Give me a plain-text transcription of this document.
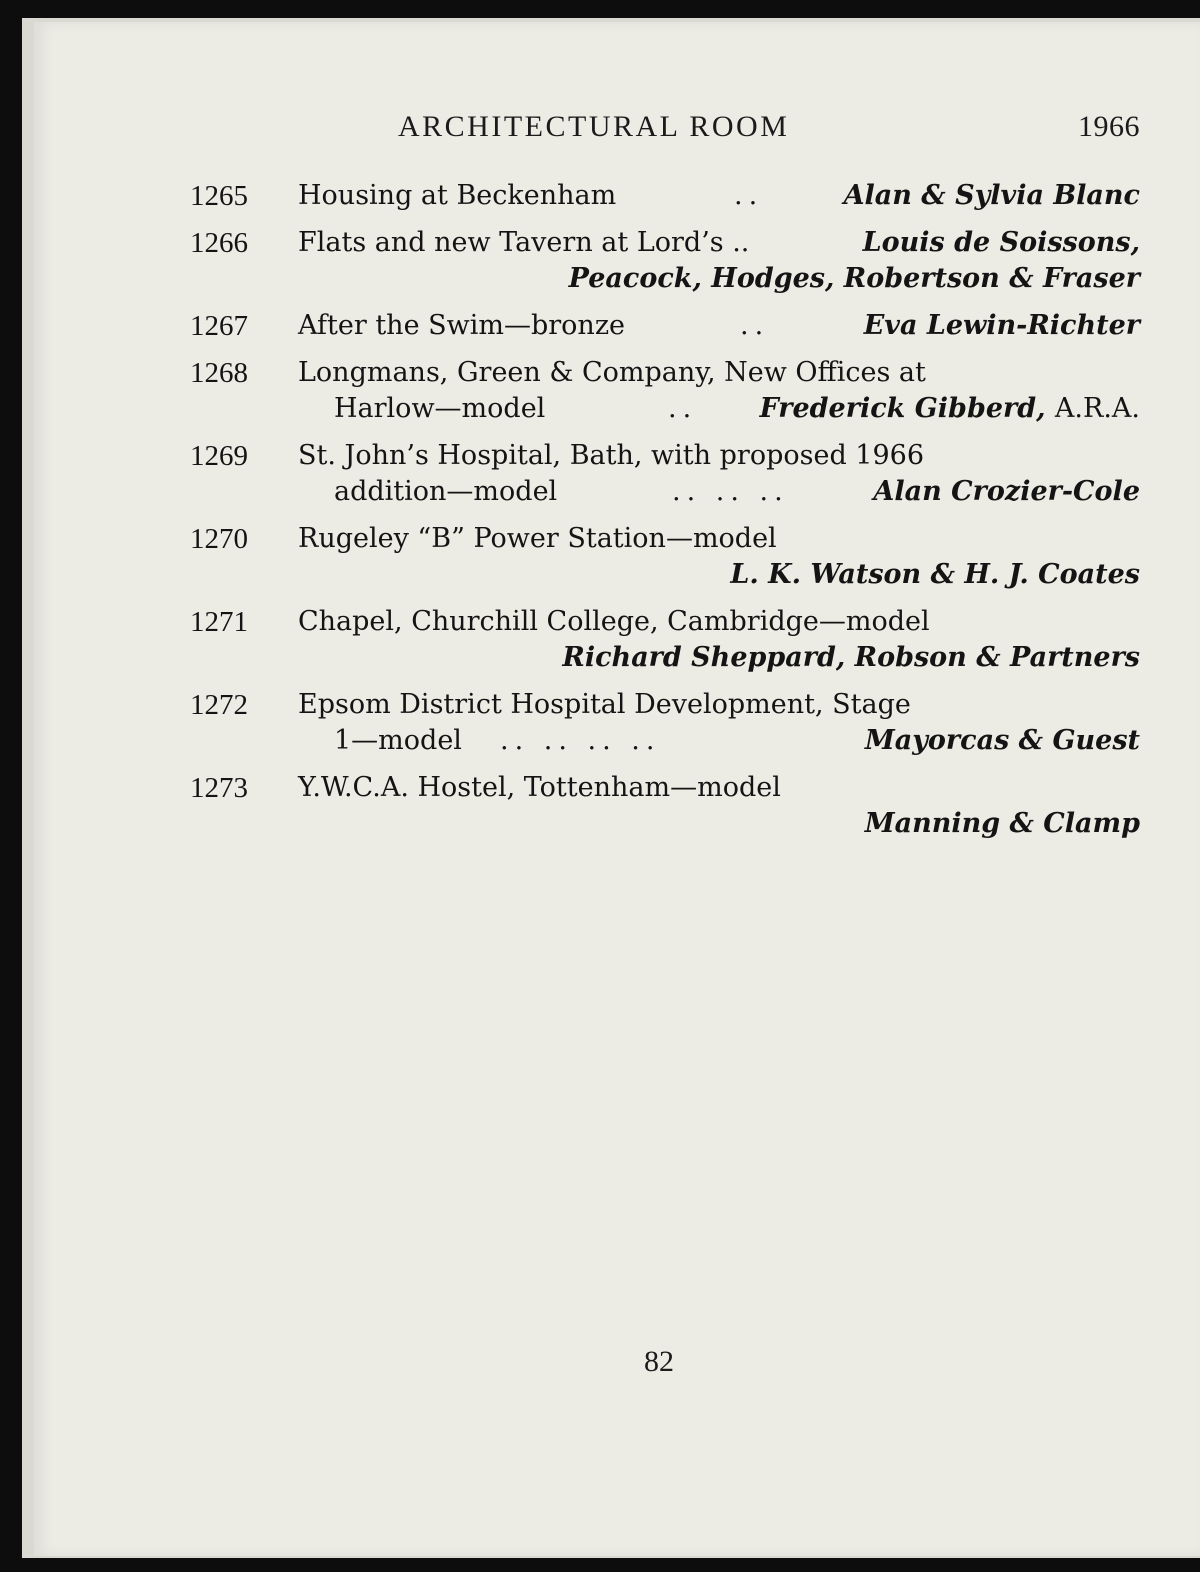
ARCHITECTURAL ROOM	1966
1265 Housing at Beckenham	..	Alan & Sylvia Blanc
1266 Flats and new Tavern at Lord’s ..	Louis de Soissons,
Peacock, Hodges, Robertson & Fraser
1267 After the Swim—bronze	..	Eva Lewin-Richter
1268 Longmans, Green & Company, New Offices at
Harlow—model	.. Frederick Gibberd, A.R.A.
1269 St. John’s Hospital, Bath, with proposed 1966
addition—model	.. .. ..	Alan Crozier-Cole
1270 Rugeley “B” Power Station—model
L. K. Watson & H. J. Coates
1271 Chapel, Churchill College, Cambridge—model
Richard Sheppard, Robson & Partners
1272 Epsom District Hospital Development, Stage
1—model .. .. .. ..	Mayorcas & Guest
1273 Y.W.C.A. Hostel, Tottenham—model
Manning & Clamp
82
